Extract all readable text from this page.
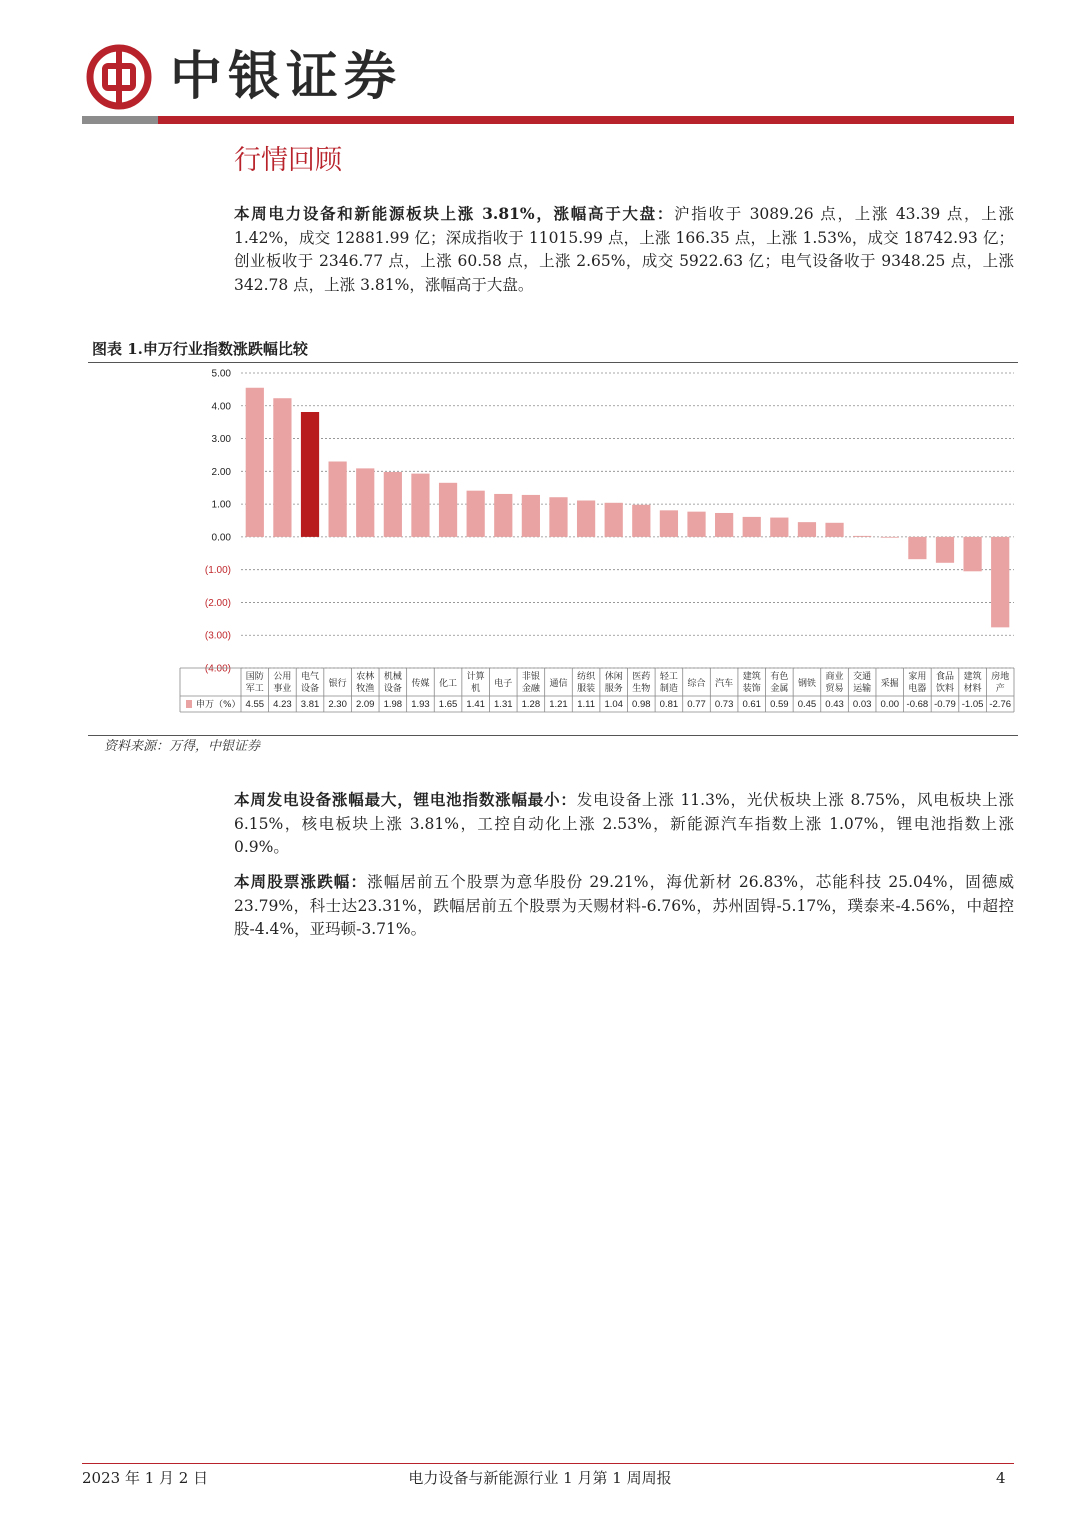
中银证券
行情回顾
本周电力设备和新能源板块上涨 3.81%，涨幅高于大盘：沪指收于 3089.26 点，上涨 43.39 点，上涨 1.42%，成交 12881.99 亿；深成指收于 11015.99 点，上涨 166.35 点，上涨 1.53%，成交 18742.93 亿；创业板收于 2346.77 点，上涨 60.58 点，上涨 2.65%，成交 5922.63 亿；电气设备收于 9348.25 点，上涨 342.78 点，上涨 3.81%，涨幅高于大盘。
图表 1.申万行业指数涨跌幅比较
5.00
4.00
3.00
2.00
1.00
0.00
(1.00)
(2.00)
(3.00)
(4.00)
国防
军工
公用
事业
电气
设备 银行
农林
牧渔
机械
设备 传媒 化工
计算
机 电子
非银
金融 通信
纺织
服装
休闲
服务
医药
生物
轻工
制造 综合 汽车
建筑
装饰
有色
金属 钢铁
商业
贸易
交通
运输 采掘
家用
电器
食品
饮料
建筑
材料
房地
产
4.55 4.23 3.81 2.30 2.09 1.98 1.93 1.65 1.41 1.31 1.28 1.21 1.11 1.04 0.98 0.81 0.77 0.73 0.61 0.59 0.45 0.43 0.03 0.00 -0.68 -0.79 -1.05 -2.76
申万（%）
资料来源：万得，中银证券
本周发电设备涨幅最大，锂电池指数涨幅最小：发电设备上涨 11.3%，光伏板块上涨 8.75%，风电板块上涨 6.15%，核电板块上涨 3.81%，工控自动化上涨 2.53%，新能源汽车指数上涨 1.07%，锂电池指数上涨 0.9%。
本周股票涨跌幅：涨幅居前五个股票为意华股份 29.21%，海优新材 26.83%，芯能科技 25.04%，固德威23.79%，科士达23.31%，跌幅居前五个股票为天赐材料-6.76%，苏州固锝-5.17%，璞泰来-4.56%，中超控股-4.4%，亚玛顿-3.71%。
2023 年 1 月 2 日	电力设备与新能源行业 1 月第 1 周周报	4
